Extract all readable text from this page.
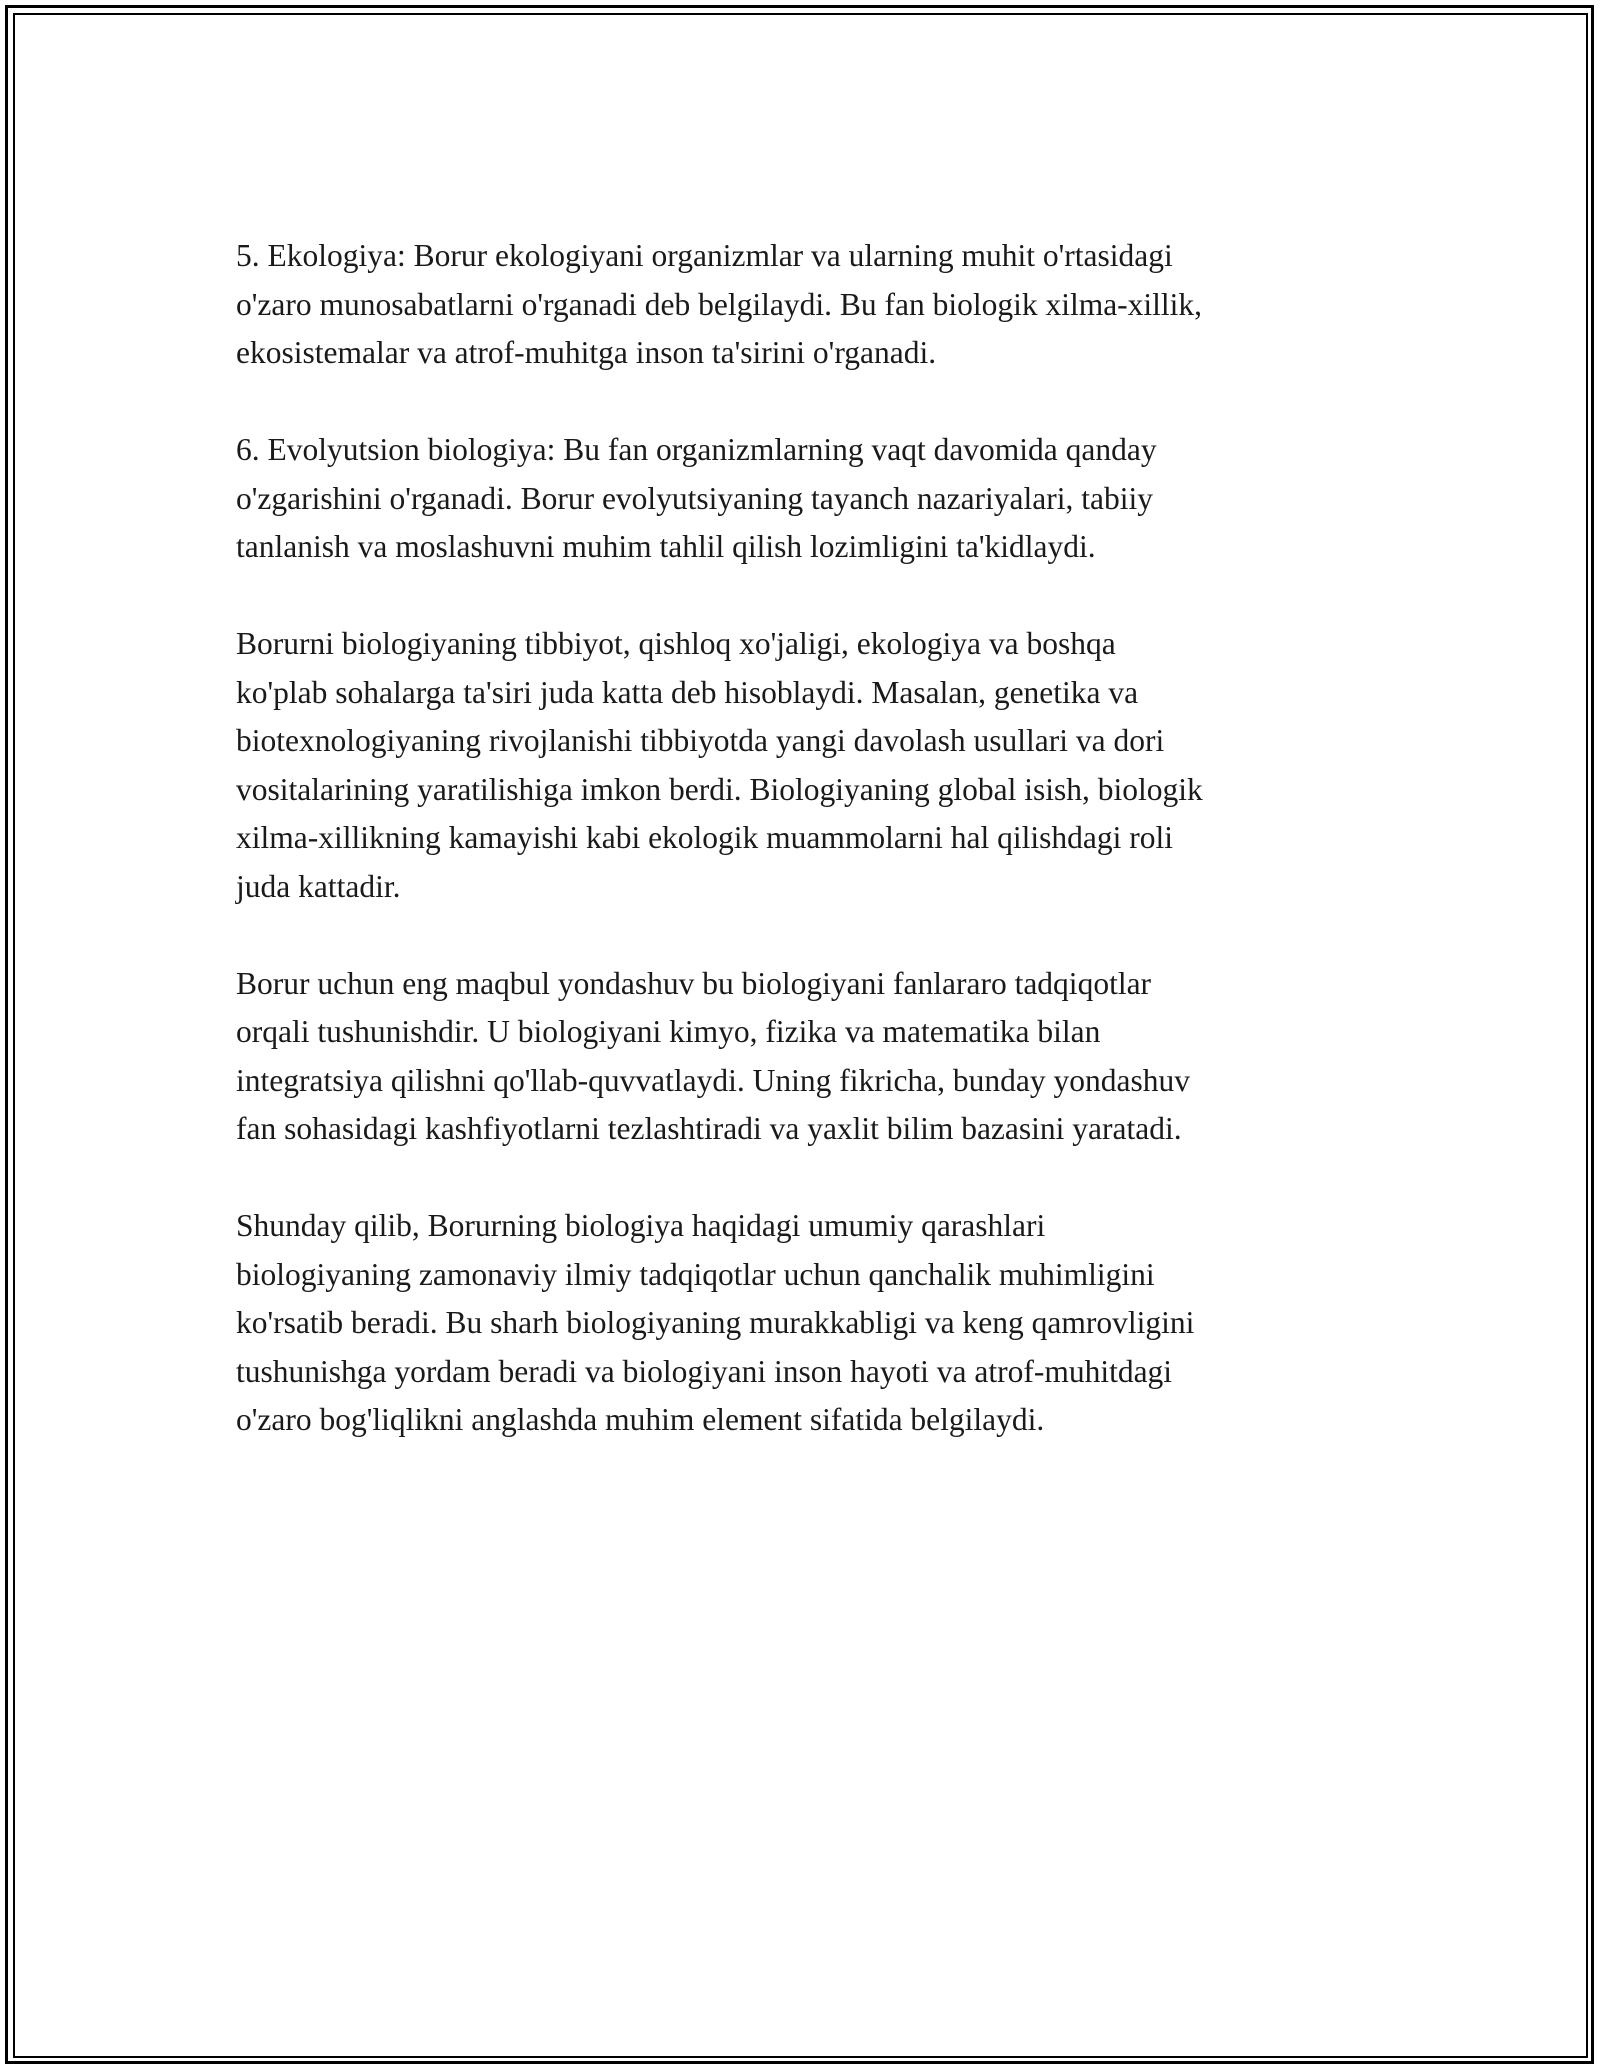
5. Ekologiya: Borur ekologiyani organizmlar va ularning muhit o'rtasidagi
o'zaro munosabatlarni o'rganadi deb belgilaydi. Bu fan biologik xilma-xillik,
ekosistemalar va atrof-muhitga inson ta'sirini o'rganadi.

6. Evolyutsion biologiya: Bu fan organizmlarning vaqt davomida qanday
o'zgarishini o'rganadi. Borur evolyutsiyaning tayanch nazariyalari, tabiiy
tanlanish va moslashuvni muhim tahlil qilish lozimligini ta'kidlaydi.

Borurni biologiyaning tibbiyot, qishloq xo'jaligi, ekologiya va boshqa
ko'plab sohalarga ta'siri juda katta deb hisoblaydi. Masalan, genetika va
biotexnologiyaning rivojlanishi tibbiyotda yangi davolash usullari va dori
vositalarining yaratilishiga imkon berdi. Biologiyaning global isish, biologik
xilma-xillikning kamayishi kabi ekologik muammolarni hal qilishdagi roli
juda kattadir.

Borur uchun eng maqbul yondashuv bu biologiyani fanlararo tadqiqotlar
orqali tushunishdir. U biologiyani kimyo, fizika va matematika bilan
integratsiya qilishni qo'llab-quvvatlaydi. Uning fikricha, bunday yondashuv
fan sohasidagi kashfiyotlarni tezlashtiradi va yaxlit bilim bazasini yaratadi.

Shunday qilib, Borurning biologiya haqidagi umumiy qarashlari
biologiyaning zamonaviy ilmiy tadqiqotlar uchun qanchalik muhimligini
ko'rsatib beradi. Bu sharh biologiyaning murakkabligi va keng qamrovligini
tushunishga yordam beradi va biologiyani inson hayoti va atrof-muhitdagi
o'zaro bog'liqlikni anglashda muhim element sifatida belgilaydi.
